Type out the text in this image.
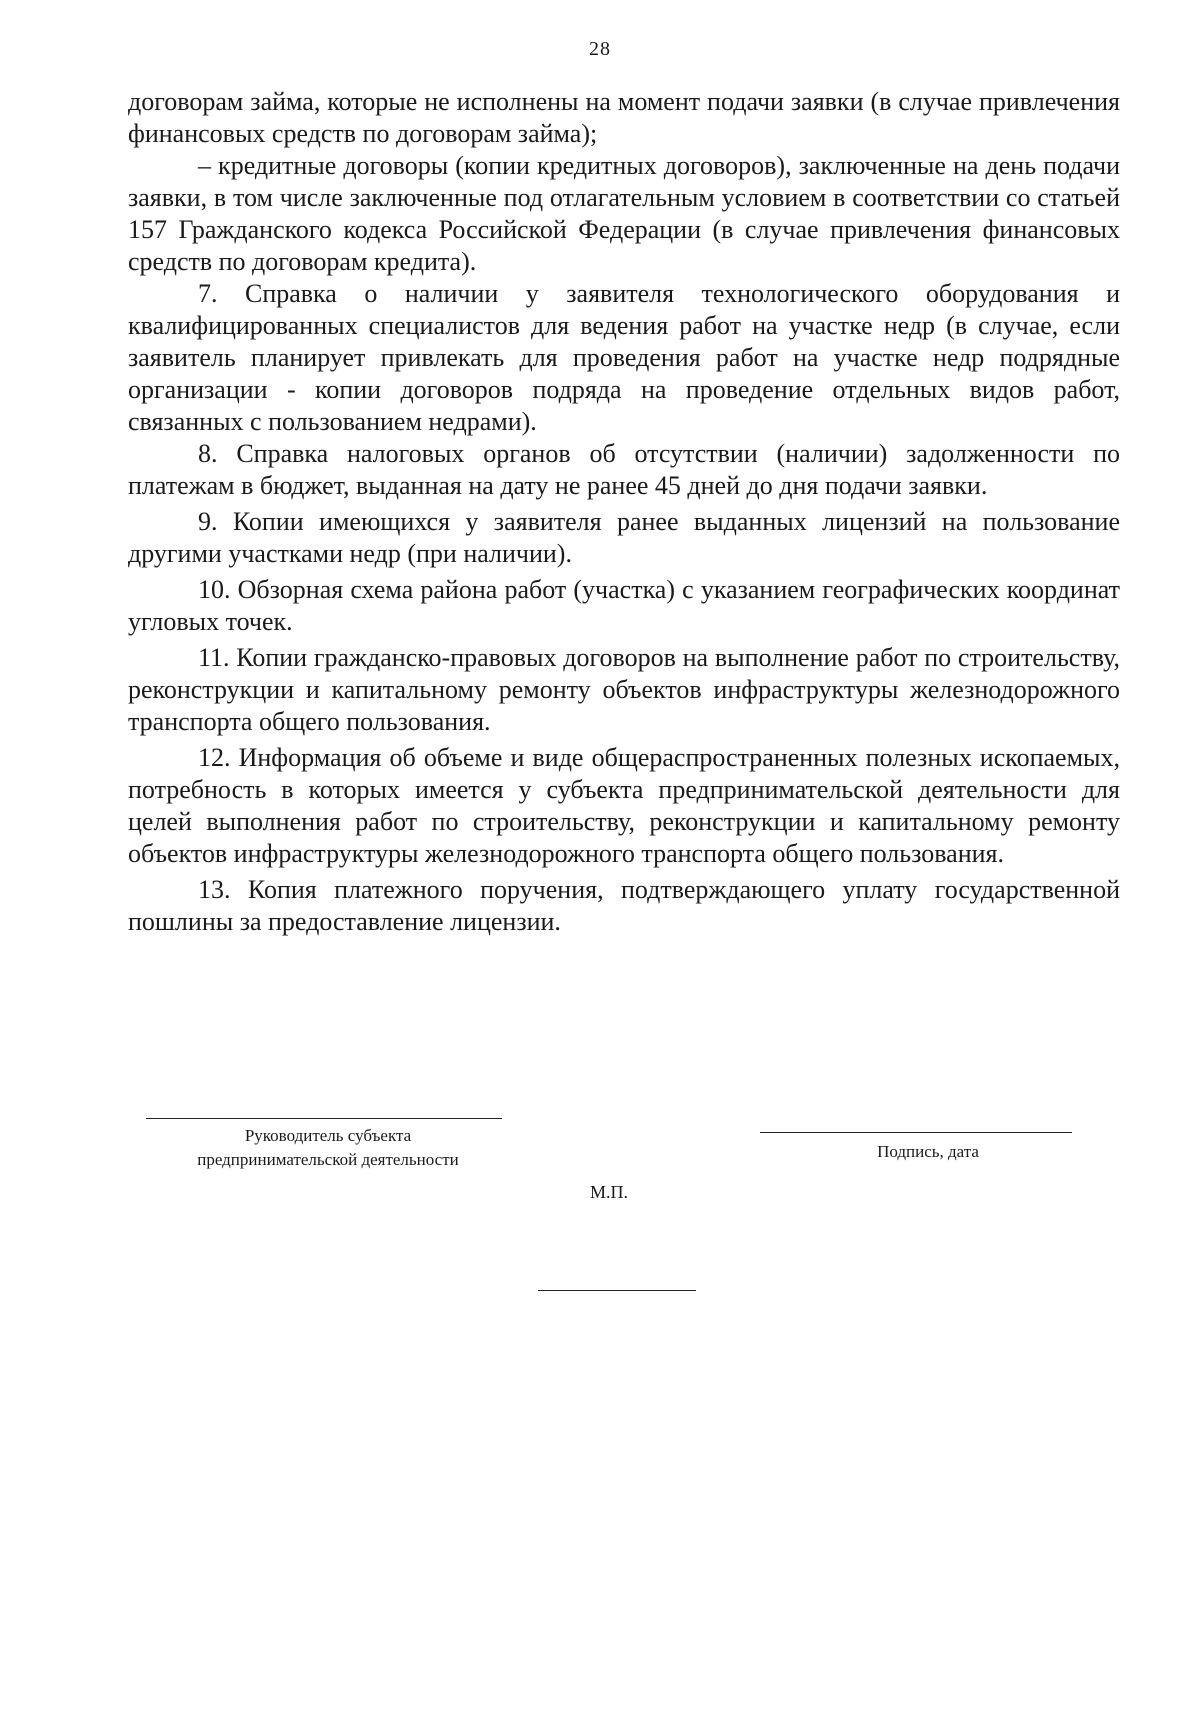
28

договорам займа, которые не исполнены на момент подачи заявки (в случае привлечения финансовых средств по договорам займа);

– кредитные договоры (копии кредитных договоров), заключенные на день подачи заявки, в том числе заключенные под отлагательным условием в соответствии со статьей 157 Гражданского кодекса Российской Федерации (в случае привлечения финансовых средств по договорам кредита).

7. Справка о наличии у заявителя технологического оборудования и квалифицированных специалистов для ведения работ на участке недр (в случае, если заявитель планирует привлекать для проведения работ на участке недр подрядные организации - копии договоров подряда на проведение отдельных видов работ, связанных с пользованием недрами).

8. Справка налоговых органов об отсутствии (наличии) задолженности по платежам в бюджет, выданная на дату не ранее 45 дней до дня подачи заявки.

9. Копии имеющихся у заявителя ранее выданных лицензий на пользование другими участками недр (при наличии).

10. Обзорная схема района работ (участка) с указанием географических координат угловых точек.

11. Копии гражданско-правовых договоров на выполнение работ по строительству, реконструкции и капитальному ремонту объектов инфраструктуры железнодорожного транспорта общего пользования.

12. Информация об объеме и виде общераспространенных полезных ископаемых, потребность в которых имеется у субъекта предпринимательской деятельности для целей выполнения работ по строительству, реконструкции и капитальному ремонту объектов инфраструктуры железнодорожного транспорта общего пользования.

13. Копия платежного поручения, подтверждающего уплату государственной пошлины за предоставление лицензии.

Руководитель субъекта
предпринимательской деятельности	Подпись, дата
М.П.
